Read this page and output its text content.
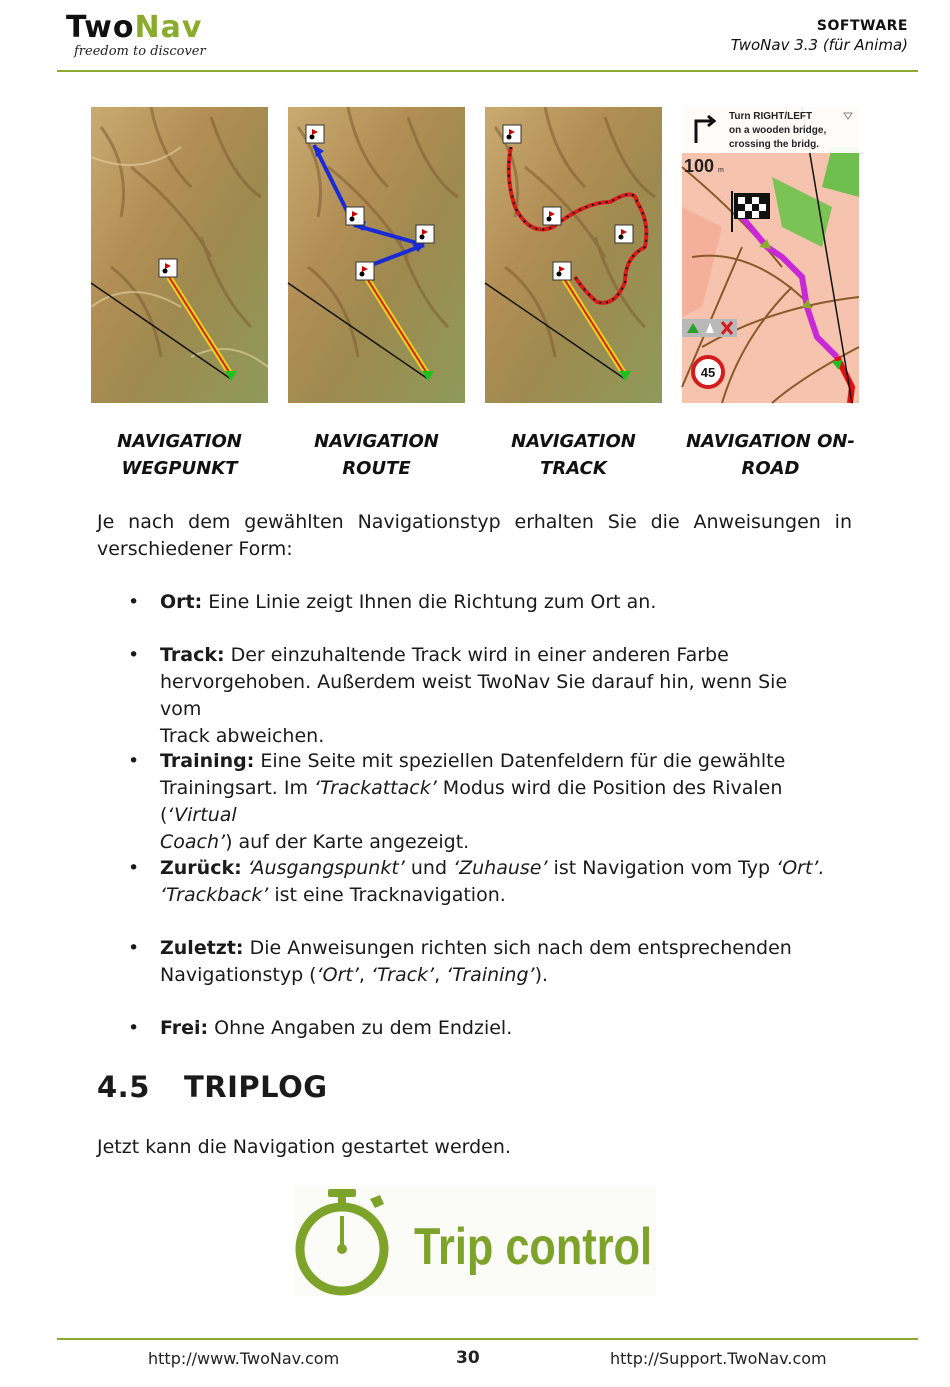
TwoNav
freedom to discover
SOFTWARE
TwoNav 3.3 (für Anima)
Turn RIGHT/LEFT
on a wooden bridge,
crossing the bridg.
100 m
45
NAVIGATION
WEGPUNKT
NAVIGATION
ROUTE
NAVIGATION
TRACK
NAVIGATION ON-
ROAD
Je nach dem gewählten Navigationstyp erhalten Sie die Anweisungen in verschiedener Form:
• Ort: Eine Linie zeigt Ihnen die Richtung zum Ort an.
• Track: Der einzuhaltende Track wird in einer anderen Farbe
hervorgehoben. Außerdem weist TwoNav Sie darauf hin, wenn Sie vom
Track abweichen.
• Training: Eine Seite mit speziellen Datenfeldern für die gewählte
Trainingsart. Im ‘Trackattack’ Modus wird die Position des Rivalen (‘Virtual
Coach’) auf der Karte angezeigt.
• Zurück: ‘Ausgangspunkt’ und ‘Zuhause’ ist Navigation vom Typ ‘Ort’.
‘Trackback’ ist eine Tracknavigation.
• Zuletzt: Die Anweisungen richten sich nach dem entsprechenden
Navigationstyp (‘Ort’, ‘Track’, ‘Training’).
• Frei: Ohne Angaben zu dem Endziel.
4.5 TRIPLOG
Jetzt kann die Navigation gestartet werden.
Trip control
http://www.TwoNav.com	30	http://Support.TwoNav.com
